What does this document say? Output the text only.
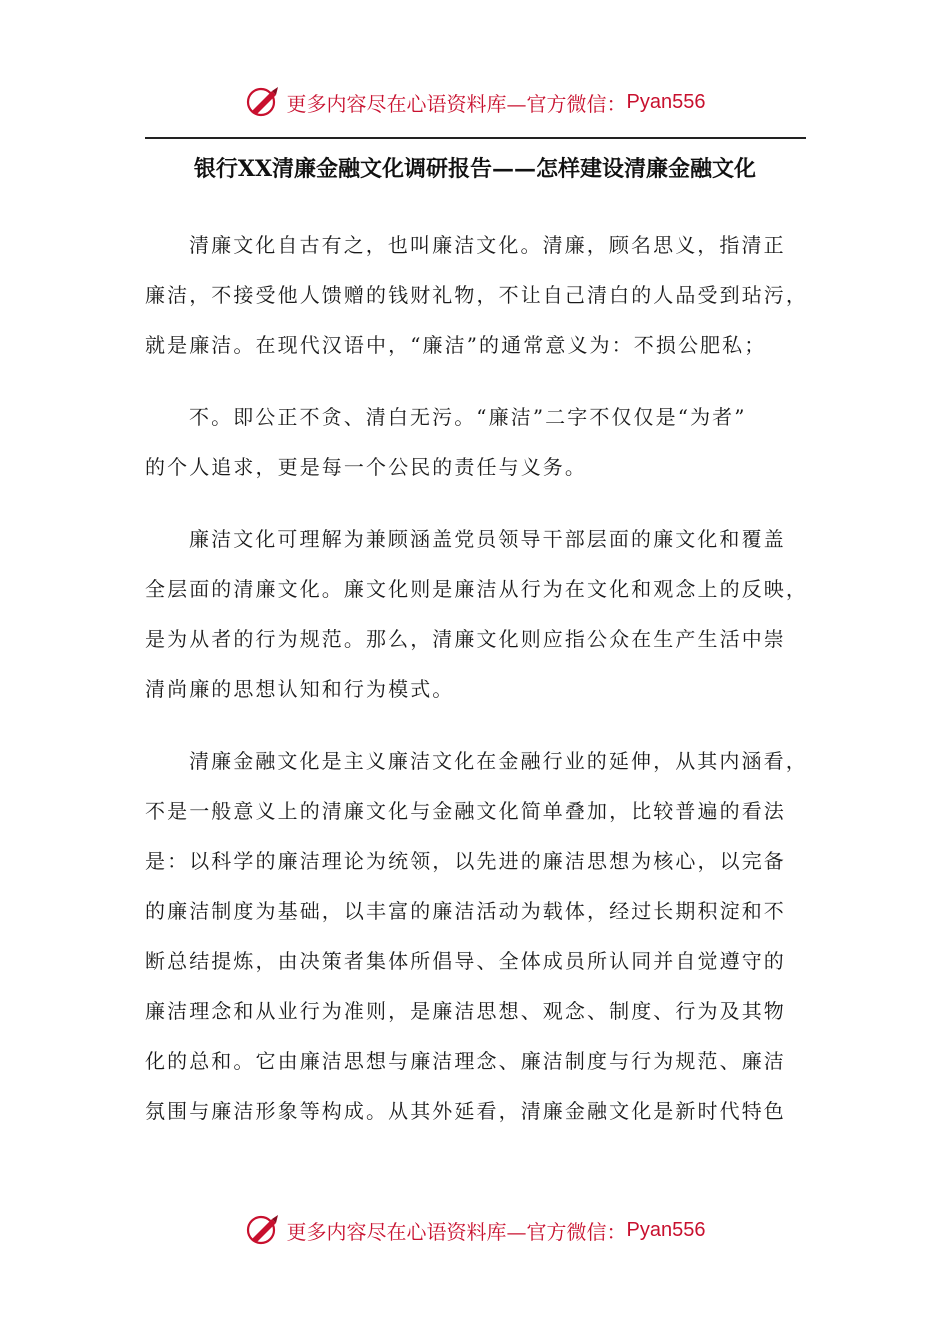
更多内容尽在心语资料库—官方微信： Pyan556
银行XX清廉金融文化调研报告——怎样建设清廉金融文化
清廉文化自古有之，也叫廉洁文化。清廉，顾名思义，指清正
廉洁，不接受他人馈赠的钱财礼物，不让自己清白的人品受到玷污，
就是廉洁。在现代汉语中，“廉洁”的通常意义为：不损公肥私；
不。即公正不贪、清白无污。“廉洁”二字不仅仅是“为者”
的个人追求，更是每一个公民的责任与义务。
廉洁文化可理解为兼顾涵盖党员领导干部层面的廉文化和覆盖
全层面的清廉文化。廉文化则是廉洁从行为在文化和观念上的反映，
是为从者的行为规范。那么，清廉文化则应指公众在生产生活中崇
清尚廉的思想认知和行为模式。
清廉金融文化是主义廉洁文化在金融行业的延伸，从其内涵看，
不是一般意义上的清廉文化与金融文化简单叠加，比较普遍的看法
是：以科学的廉洁理论为统领，以先进的廉洁思想为核心，以完备
的廉洁制度为基础，以丰富的廉洁活动为载体，经过长期积淀和不
断总结提炼，由决策者集体所倡导、全体成员所认同并自觉遵守的
廉洁理念和从业行为准则，是廉洁思想、观念、制度、行为及其物
化的总和。它由廉洁思想与廉洁理念、廉洁制度与行为规范、廉洁
氛围与廉洁形象等构成。从其外延看，清廉金融文化是新时代特色
更多内容尽在心语资料库—官方微信： Pyan556
